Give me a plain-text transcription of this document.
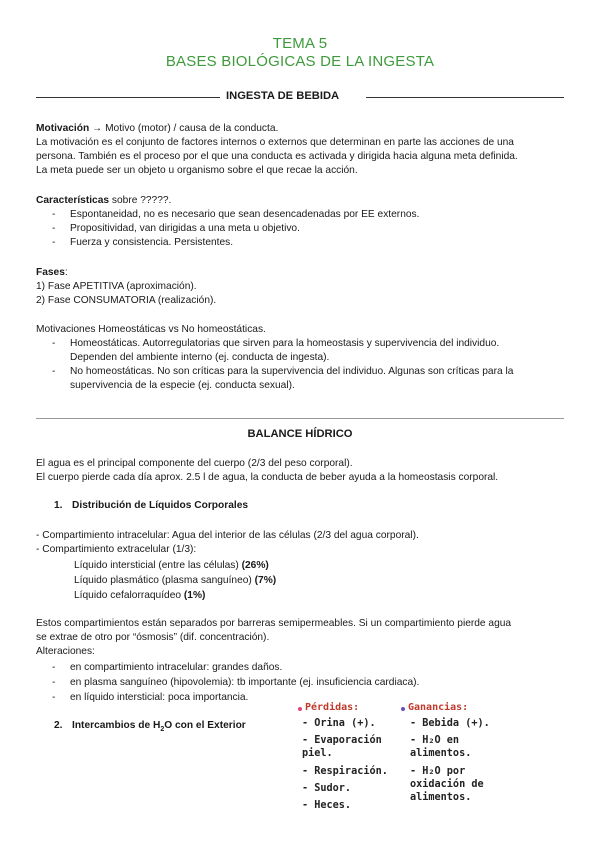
TEMA 5
BASES BIOLÓGICAS DE LA INGESTA
INGESTA DE BEBIDA
Motivación → Motivo (motor) / causa de la conducta.
La motivación es el conjunto de factores internos o externos que determinan en parte las acciones de una
persona. También es el proceso por el que una conducta es activada y dirigida hacia alguna meta definida.
La meta puede ser un objeto u organismo sobre el que recae la acción.
Características sobre ?????.
- Espontaneidad, no es necesario que sean desencadenadas por EE externos.
- Propositividad, van dirigidas a una meta u objetivo.
- Fuerza y consistencia. Persistentes.
Fases:
1) Fase APETITIVA (aproximación).
2) Fase CONSUMATORIA (realización).
Motivaciones Homeostáticas vs No homeostáticas.
- Homeostáticas. Autorregulatorias que sirven para la homeostasis y supervivencia del individuo.
Dependen del ambiente interno (ej. conducta de ingesta).
- No homeostáticas. No son críticas para la supervivencia del individuo. Algunas son críticas para la
supervivencia de la especie (ej. conducta sexual).
BALANCE HÍDRICO
El agua es el principal componente del cuerpo (2/3 del peso corporal).
El cuerpo pierde cada día aprox. 2.5 l de agua, la conducta de beber ayuda a la homeostasis corporal.
1. Distribución de Líquidos Corporales
- Compartimiento intracelular: Agua del interior de las células (2/3 del agua corporal).
- Compartimiento extracelular (1/3):
Líquido intersticial (entre las células) (26%)
Líquido plasmático (plasma sanguíneo) (7%)
Líquido cefalorraquídeo (1%)
Estos compartimientos están separados por barreras semipermeables. Si un compartimiento pierde agua
se extrae de otro por “ósmosis” (dif. concentración).
Alteraciones:
- en compartimiento intracelular: grandes daños.
- en plasma sanguíneo (hipovolemia): tb importante (ej. insuficiencia cardiaca).
- en líquido intersticial: poca importancia.
2. Intercambios de $H_2O$ con el Exterior
Pérdidas:
- Orina (+).
- Evaporación
piel.
- Respiración.
- Sudor.
- Heces.
Ganancias:
- Bebida (+).
- H₂O en
alimentos.
- H₂O por
oxidación de
alimentos.
